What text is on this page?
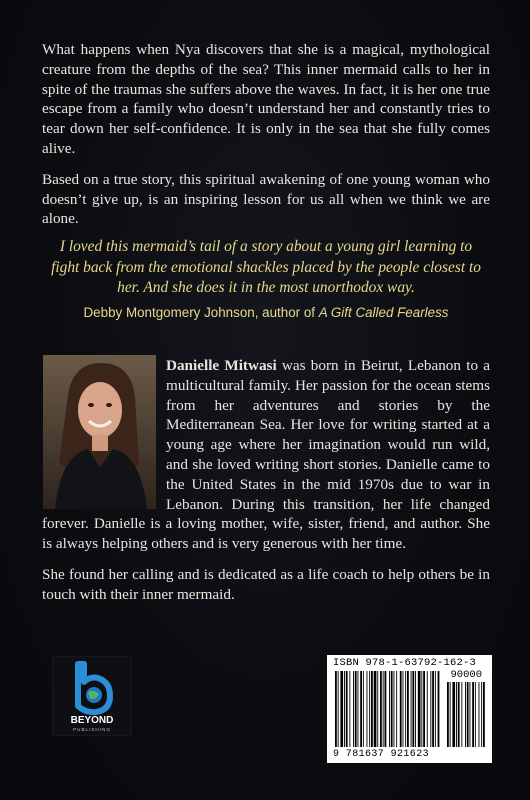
What happens when Nya discovers that she is a magical, mythological creature from the depths of the sea? This inner mermaid calls to her in spite of the traumas she suffers above the waves. In fact, it is her one true escape from a family who doesn’t understand her and constantly tries to tear down her self-confidence. It is only in the sea that she fully comes alive.

Based on a true story, this spiritual awakening of one young woman who doesn’t give up, is an inspiring lesson for us all when we think we are alone.

I loved this mermaid’s tail of a story about a young girl learning to fight back from the emotional shackles placed by the people closest to her. And she does it in the most unorthodox way.

Debby Montgomery Johnson, author of A Gift Called Fearless

Danielle Mitwasi was born in Beirut, Lebanon to a multicultural family. Her passion for the ocean stems from her adventures and stories by the Mediterranean Sea. Her love for writing started at a young age where her imagination would run wild, and she loved writing short stories. Danielle came to the United States in the mid 1970s due to war in Lebanon. During this transition, her life changed forever. Danielle is a loving mother, wife, sister, friend, and author. She is always helping others and is very generous with her time.

She found her calling and is dedicated as a life coach to help others be in touch with their inner mermaid.

BEYOND
PUBLISHING
ISBN 978-1-63792-162-3
90000
9 781637 921623
